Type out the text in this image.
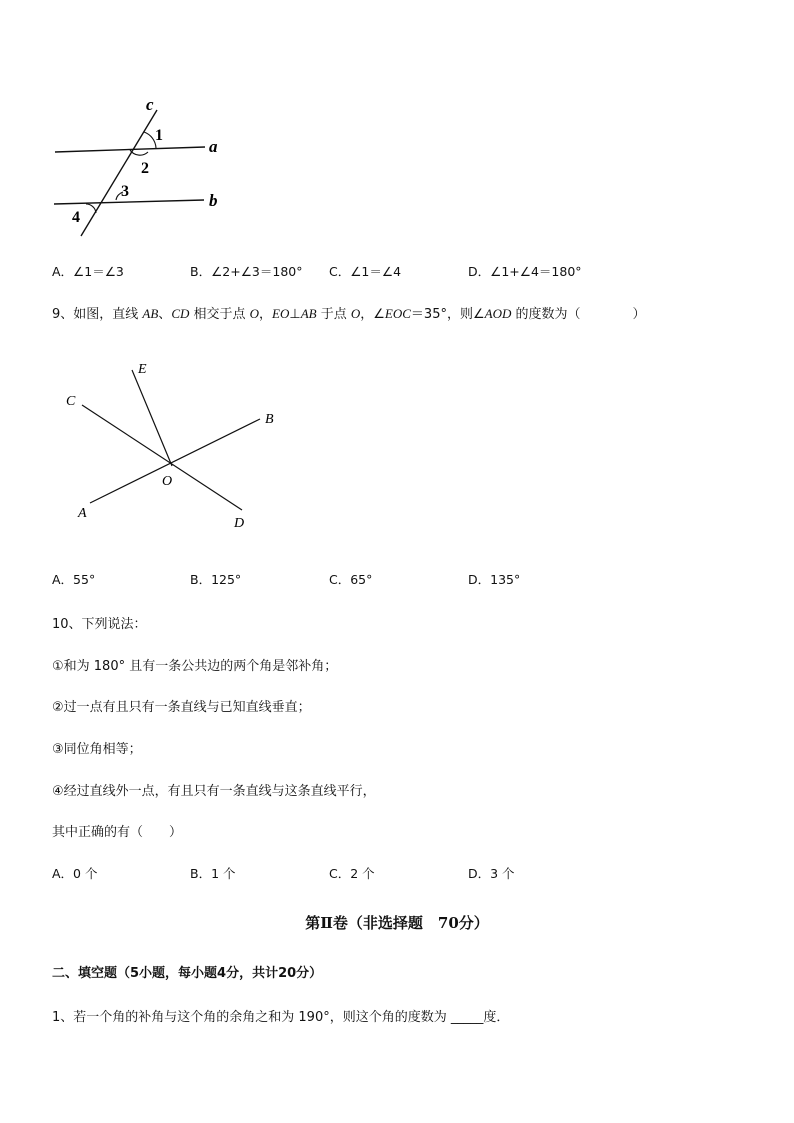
c
a
b
1
2
3
4
A．∠1＝∠3	B．∠2+∠3＝180° C．∠1＝∠4	D．∠1+∠4＝180°
9、如图，直线 AB、CD 相交于点 O，EO⊥AB 于点 O，∠EOC＝35°，则∠AOD 的度数为（　　　　）
E
C
B
O
A
D
A．55°	B．125°	C．65°	D．135°
10、下列说法：
①和为 180° 且有一条公共边的两个角是邻补角；
②过一点有且只有一条直线与已知直线垂直；
③同位角相等；
④经过直线外一点，有且只有一条直线与这条直线平行，
其中正确的有（　　）
A．0 个	B．1 个	C．2 个	D．3 个
第Ⅱ卷（非选择题　70分）
二、填空题（5小题，每小题4分，共计20分）
1、若一个角的补角与这个角的余角之和为 190°，则这个角的度数为 _____度．
